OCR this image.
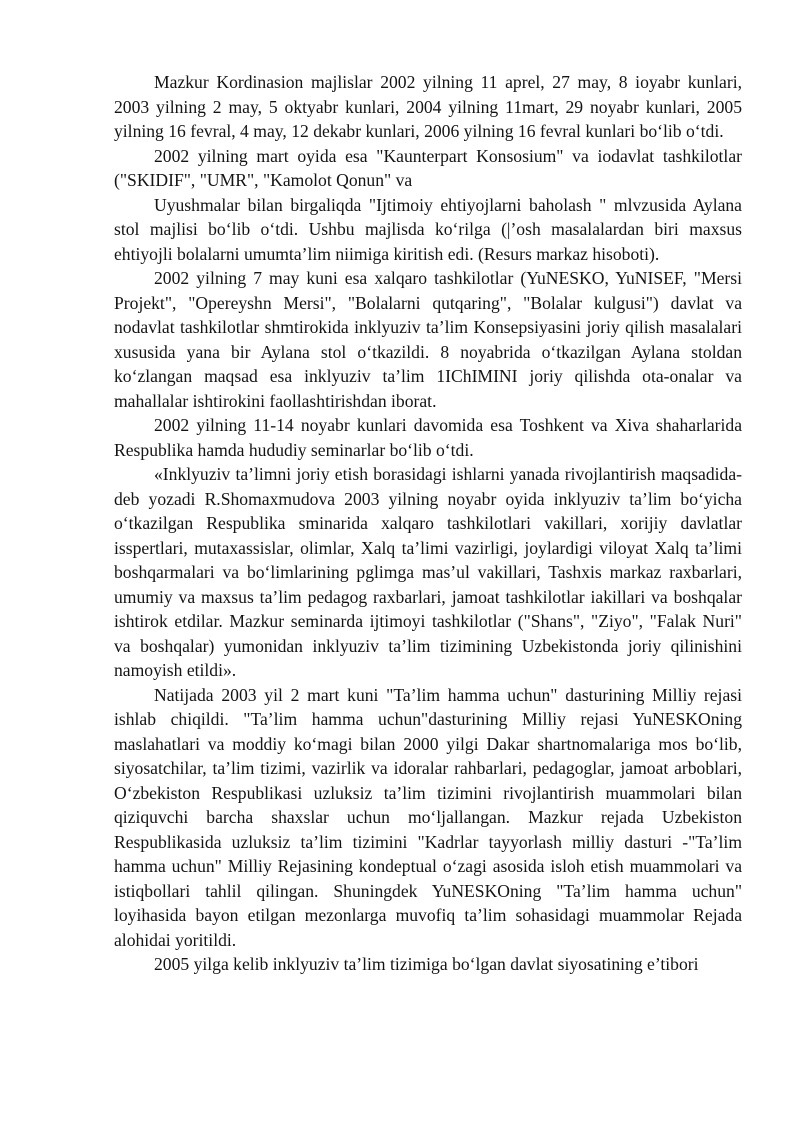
Mazkur Kordinasion majlislar 2002 yilning 11 aprel, 27 may, 8 ioyabr kunlari, 2003 yilning 2 may, 5 oktyabr kunlari, 2004 yilning 11mart, 29 noyabr kunlari, 2005 yilning 16 fevral, 4 may, 12 dekabr kunlari, 2006 yilning 16 fevral kunlari bo‘lib o‘tdi.

2002 yilning mart oyida esa "Kaunterpart Konsosium" va iodavlat tashkilotlar ("SKIDIF", "UMR", "Kamolot Qonun" va

Uyushmalar bilan birgaliqda "Ijtimoiy ehtiyojlarni baholash " mlvzusida Aylana stol majlisi bo‘lib o‘tdi. Ushbu majlisda ko‘rilga (|’osh masalalardan biri maxsus ehtiyojli bolalarni umumta’lim niimiga kiritish edi. (Resurs markaz hisoboti).

2002 yilning 7 may kuni esa xalqaro tashkilotlar (YuNESKO, YuNISEF, "Mersi Projekt", "Opereyshn Mersi", "Bolalarni qutqaring", "Bolalar kulgusi") davlat va nodavlat tashkilotlar shmtirokida inklyuziv ta’lim Konsepsiyasini joriy qilish masalalari xususida yana bir Aylana stol o‘tkazildi. 8 noyabrida o‘tkazilgan Aylana stoldan ko‘zlangan maqsad esa inklyuziv ta’lim 1IChIMINI joriy qilishda ota-onalar va mahallalar ishtirokini faollashtirishdan iborat.

2002 yilning 11-14 noyabr kunlari davomida esa Toshkent va Xiva shaharlarida Respublika hamda hududiy seminarlar bo‘lib o‘tdi.

«Inklyuziv ta’limni joriy etish borasidagi ishlarni yanada rivojlantirish maqsadida-deb yozadi R.Shomaxmudova 2003 yilning noyabr oyida inklyuziv ta’lim bo‘yicha o‘tkazilgan Respublika sminarida xalqaro tashkilotlari vakillari, xorijiy davlatlar isspertlari, mutaxassislar, olimlar, Xalq ta’limi vazirligi, joylardigi viloyat Xalq ta’limi boshqarmalari va bo‘limlarining pglimga mas’ul vakillari, Tashxis markaz raxbarlari, umumiy va maxsus ta’lim pedagog raxbarlari, jamoat tashkilotlar iakillari va boshqalar ishtirok etdilar. Mazkur seminarda ijtimoyi tashkilotlar ("Shans", "Ziyo", "Falak Nuri" va boshqalar) yumonidan inklyuziv ta’lim tizimining Uzbekistonda joriy qilinishini namoyish etildi».

Natijada 2003 yil 2 mart kuni "Ta’lim hamma uchun" dasturining Milliy rejasi ishlab chiqildi. "Ta’lim hamma uchun"dasturining Milliy rejasi YuNESKOning maslahatlari va moddiy ko‘magi bilan 2000 yilgi Dakar shartnomalariga mos bo‘lib, siyosatchilar, ta’lim tizimi, vazirlik va idoralar rahbarlari, pedagoglar, jamoat arboblari, O‘zbekiston Respublikasi uzluksiz ta’lim tizimini rivojlantirish muammolari bilan qiziquvchi barcha shaxslar uchun mo‘ljallangan. Mazkur rejada Uzbekiston Respublikasida uzluksiz ta’lim tizimini "Kadrlar tayyorlash milliy dasturi -"Ta’lim hamma uchun" Milliy Rejasining kondeptual o‘zagi asosida isloh etish muammolari va istiqbollari tahlil qilingan. Shuningdek YuNESKOning "Ta’lim hamma uchun" loyihasida bayon etilgan mezonlarga muvofiq ta’lim sohasidagi muammolar Rejada alohidai yoritildi.

2005 yilga kelib inklyuziv ta’lim tizimiga bo‘lgan davlat siyosatining e’tibori
